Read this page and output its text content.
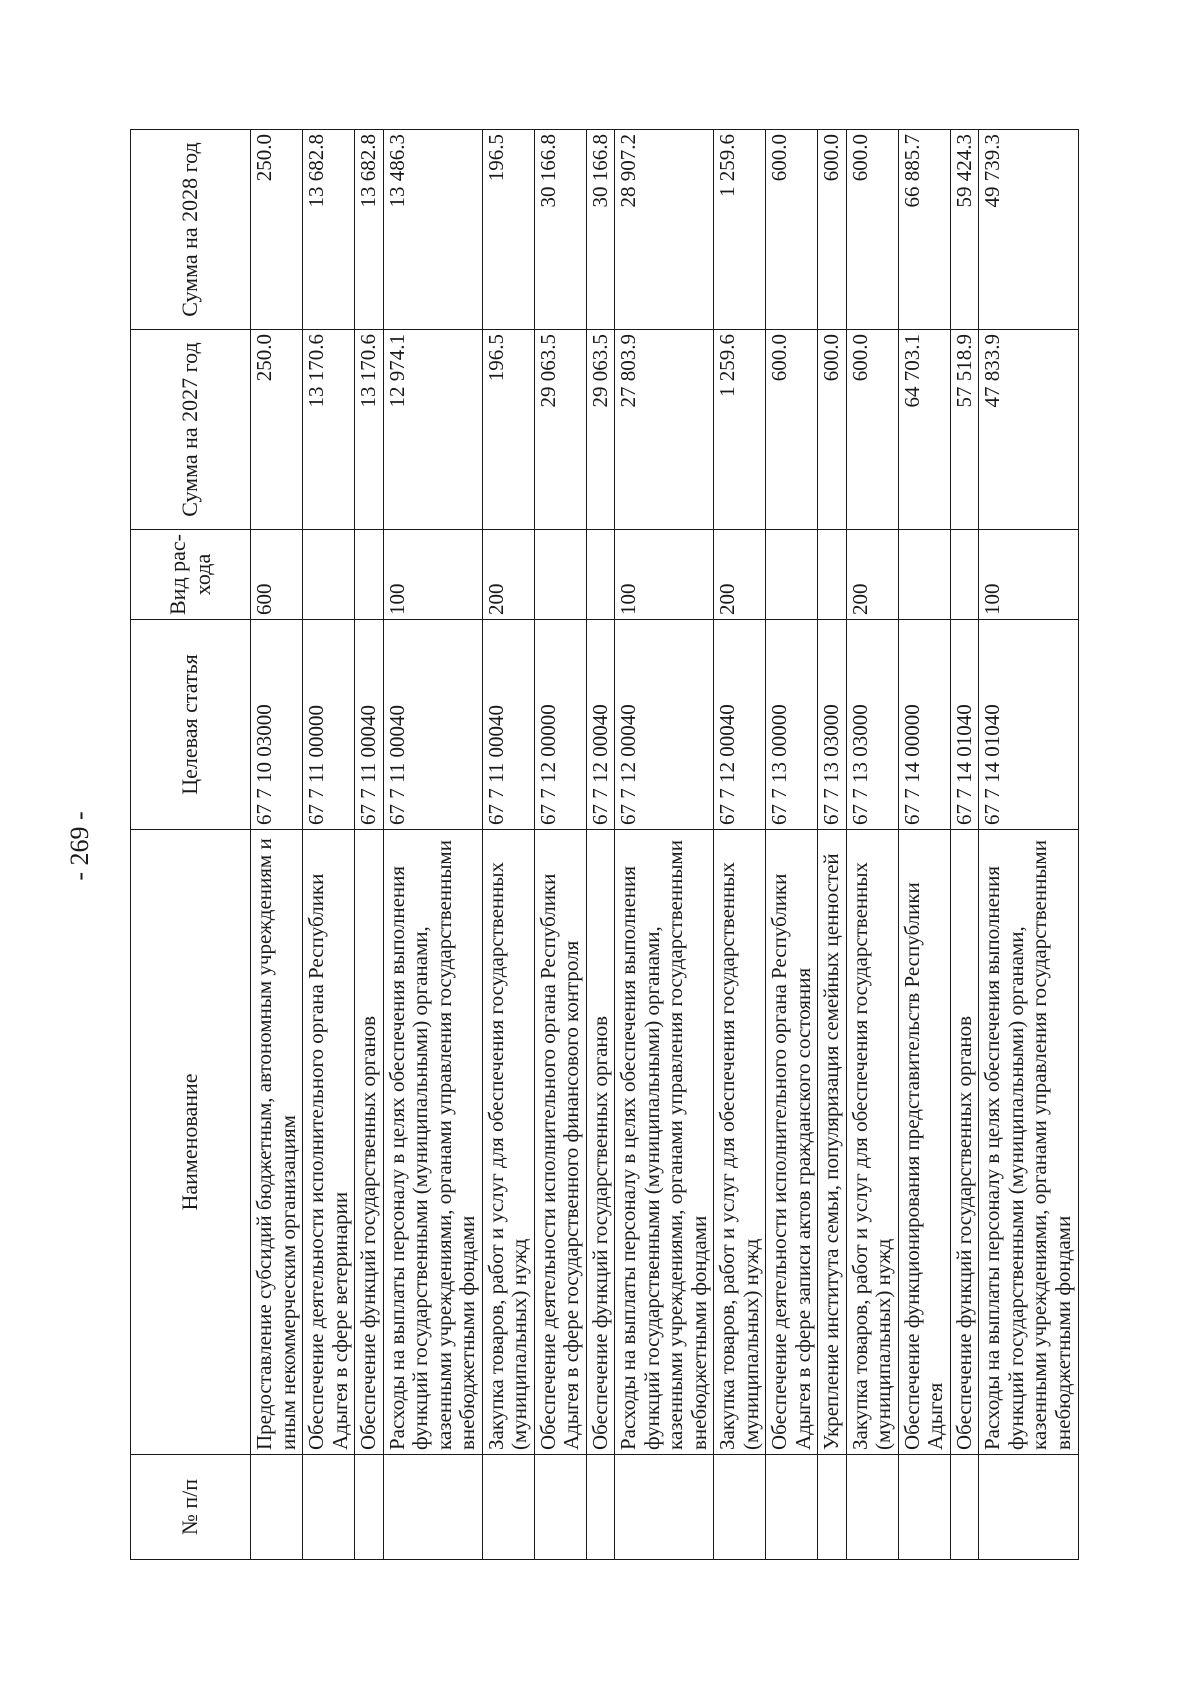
- 269 -
№ п/п	Наименование	Целевая статья	Вид рас-хода	Сумма на 2027 год	Сумма на 2028 год
	Предоставление субсидий бюджетным, автономным учреждениям и иным некоммерческим организациям	67 7 10 03000	600	250.0	250.0
	Обеспечение деятельности исполнительного органа Республики Адыгея в сфере ветеринарии	67 7 11 00000		13 170.6	13 682.8
	Обеспечение функций государственных органов	67 7 11 00040		13 170.6	13 682.8
	Расходы на выплаты персоналу в целях обеспечения выполнения функций государственными (муниципальными) органами, казенными учреждениями, органами управления государственными внебюджетными фондами	67 7 11 00040	100	12 974.1	13 486.3
	Закупка товаров, работ и услуг для обеспечения государственных (муниципальных) нужд	67 7 11 00040	200	196.5	196.5
	Обеспечение деятельности исполнительного органа Республики Адыгея в сфере государственного финансового контроля	67 7 12 00000		29 063.5	30 166.8
	Обеспечение функций государственных органов	67 7 12 00040		29 063.5	30 166.8
	Расходы на выплаты персоналу в целях обеспечения выполнения функций государственными (муниципальными) органами, казенными учреждениями, органами управления государственными внебюджетными фондами	67 7 12 00040	100	27 803.9	28 907.2
	Закупка товаров, работ и услуг для обеспечения государственных (муниципальных) нужд	67 7 12 00040	200	1 259.6	1 259.6
	Обеспечение деятельности исполнительного органа Республики Адыгея в сфере записи актов гражданского состояния	67 7 13 00000		600.0	600.0
	Укрепление института семьи, популяризация семейных ценностей	67 7 13 03000		600.0	600.0
	Закупка товаров, работ и услуг для обеспечения государственных (муниципальных) нужд	67 7 13 03000	200	600.0	600.0
	Обеспечение функционирования представительств Республики Адыгея	67 7 14 00000		64 703.1	66 885.7
	Обеспечение функций государственных органов	67 7 14 01040		57 518.9	59 424.3
	Расходы на выплаты персоналу в целях обеспечения выполнения функций государственными (муниципальными) органами, казенными учреждениями, органами управления государственными внебюджетными фондами	67 7 14 01040	100	47 833.9	49 739.3
